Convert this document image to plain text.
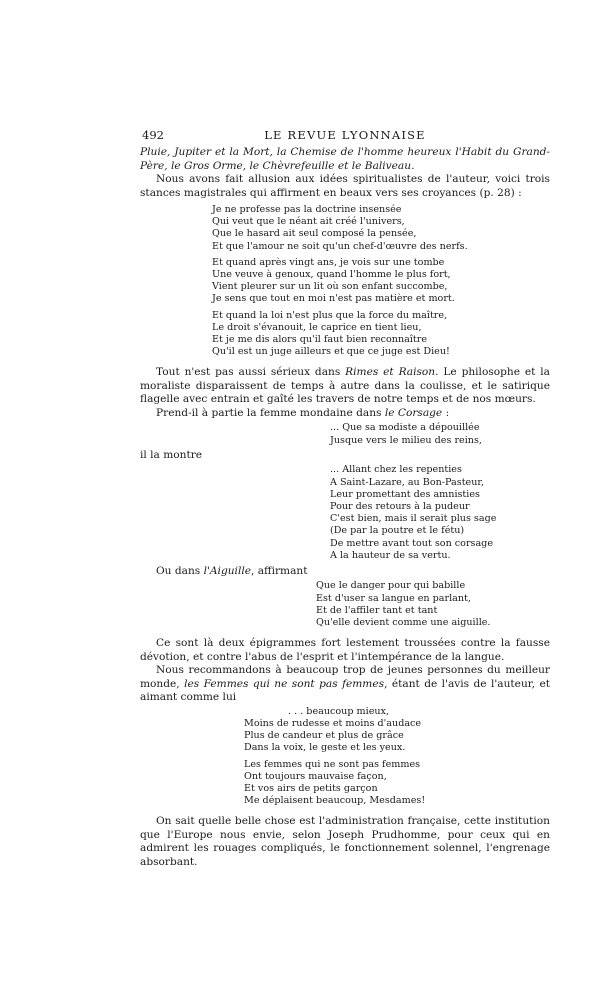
492	LE REVUE LYONNAISE

Pluie, Jupiter et la Mort, la Chemise de l'homme heureux l'Habit du Grand-Père, le Gros Orme, le Chèvrefeuille et le Baliveau.

Nous avons fait allusion aux idées spiritualistes de l'auteur, voici trois stances magistrales qui affirment en beaux vers ses croyances (p. 28) :

Je ne professe pas la doctrine insensée
Qui veut que le néant ait créé l'univers,
Que le hasard ait seul composé la pensée,
Et que l'amour ne soit qu'un chef-d'œuvre des nerfs.
Et quand après vingt ans, je vois sur une tombe
Une veuve à genoux, quand l'homme le plus fort,
Vient pleurer sur un lit où son enfant succombe,
Je sens que tout en moi n'est pas matière et mort.
Et quand la loi n'est plus que la force du maître,
Le droit s'évanouit, le caprice en tient lieu,
Et je me dis alors qu'il faut bien reconnaître
Qu'il est un juge ailleurs et que ce juge est Dieu!

Tout n'est pas aussi sérieux dans Rimes et Raison. Le philosophe et la moraliste disparaissent de temps à autre dans la coulisse, et le satirique flagelle avec entrain et gaîté les travers de notre temps et de nos mœurs.

Prend-il à partie la femme mondaine dans le Corsage :

... Que sa modiste a dépouillée
Jusque vers le milieu des reins,
il la montre
... Allant chez les repenties
A Saint-Lazare, au Bon-Pasteur,
Leur promettant des amnisties
Pour des retours à la pudeur
C'est bien, mais il serait plus sage
(De par la poutre et le fétu)
De mettre avant tout son corsage
A la hauteur de sa vertu.

Ou dans l'Aiguille, affirmant

Que le danger pour qui babille
Est d'user sa langue en parlant,
Et de l'affiler tant et tant
Qu'elle devient comme une aiguille.

Ce sont là deux épigrammes fort lestement troussées contre la fausse dévotion, et contre l'abus de l'esprit et l'intempérance de la langue.

Nous recommandons à beaucoup trop de jeunes personnes du meilleur monde, les Femmes qui ne sont pas femmes, étant de l'avis de l'auteur, et aimant comme lui

. . . beaucoup mieux,
Moins de rudesse et moins d'audace
Plus de candeur et plus de grâce
Dans la voix, le geste et les yeux.
Les femmes qui ne sont pas femmes
Ont toujours mauvaise façon,
Et vos airs de petits garçon
Me déplaisent beaucoup, Mesdames!

On sait quelle belle chose est l'administration française, cette institution que l'Europe nous envie, selon Joseph Prudhomme, pour ceux qui en admirent les rouages compliqués, le fonctionnement solennel, l'engrenage absorbant.
